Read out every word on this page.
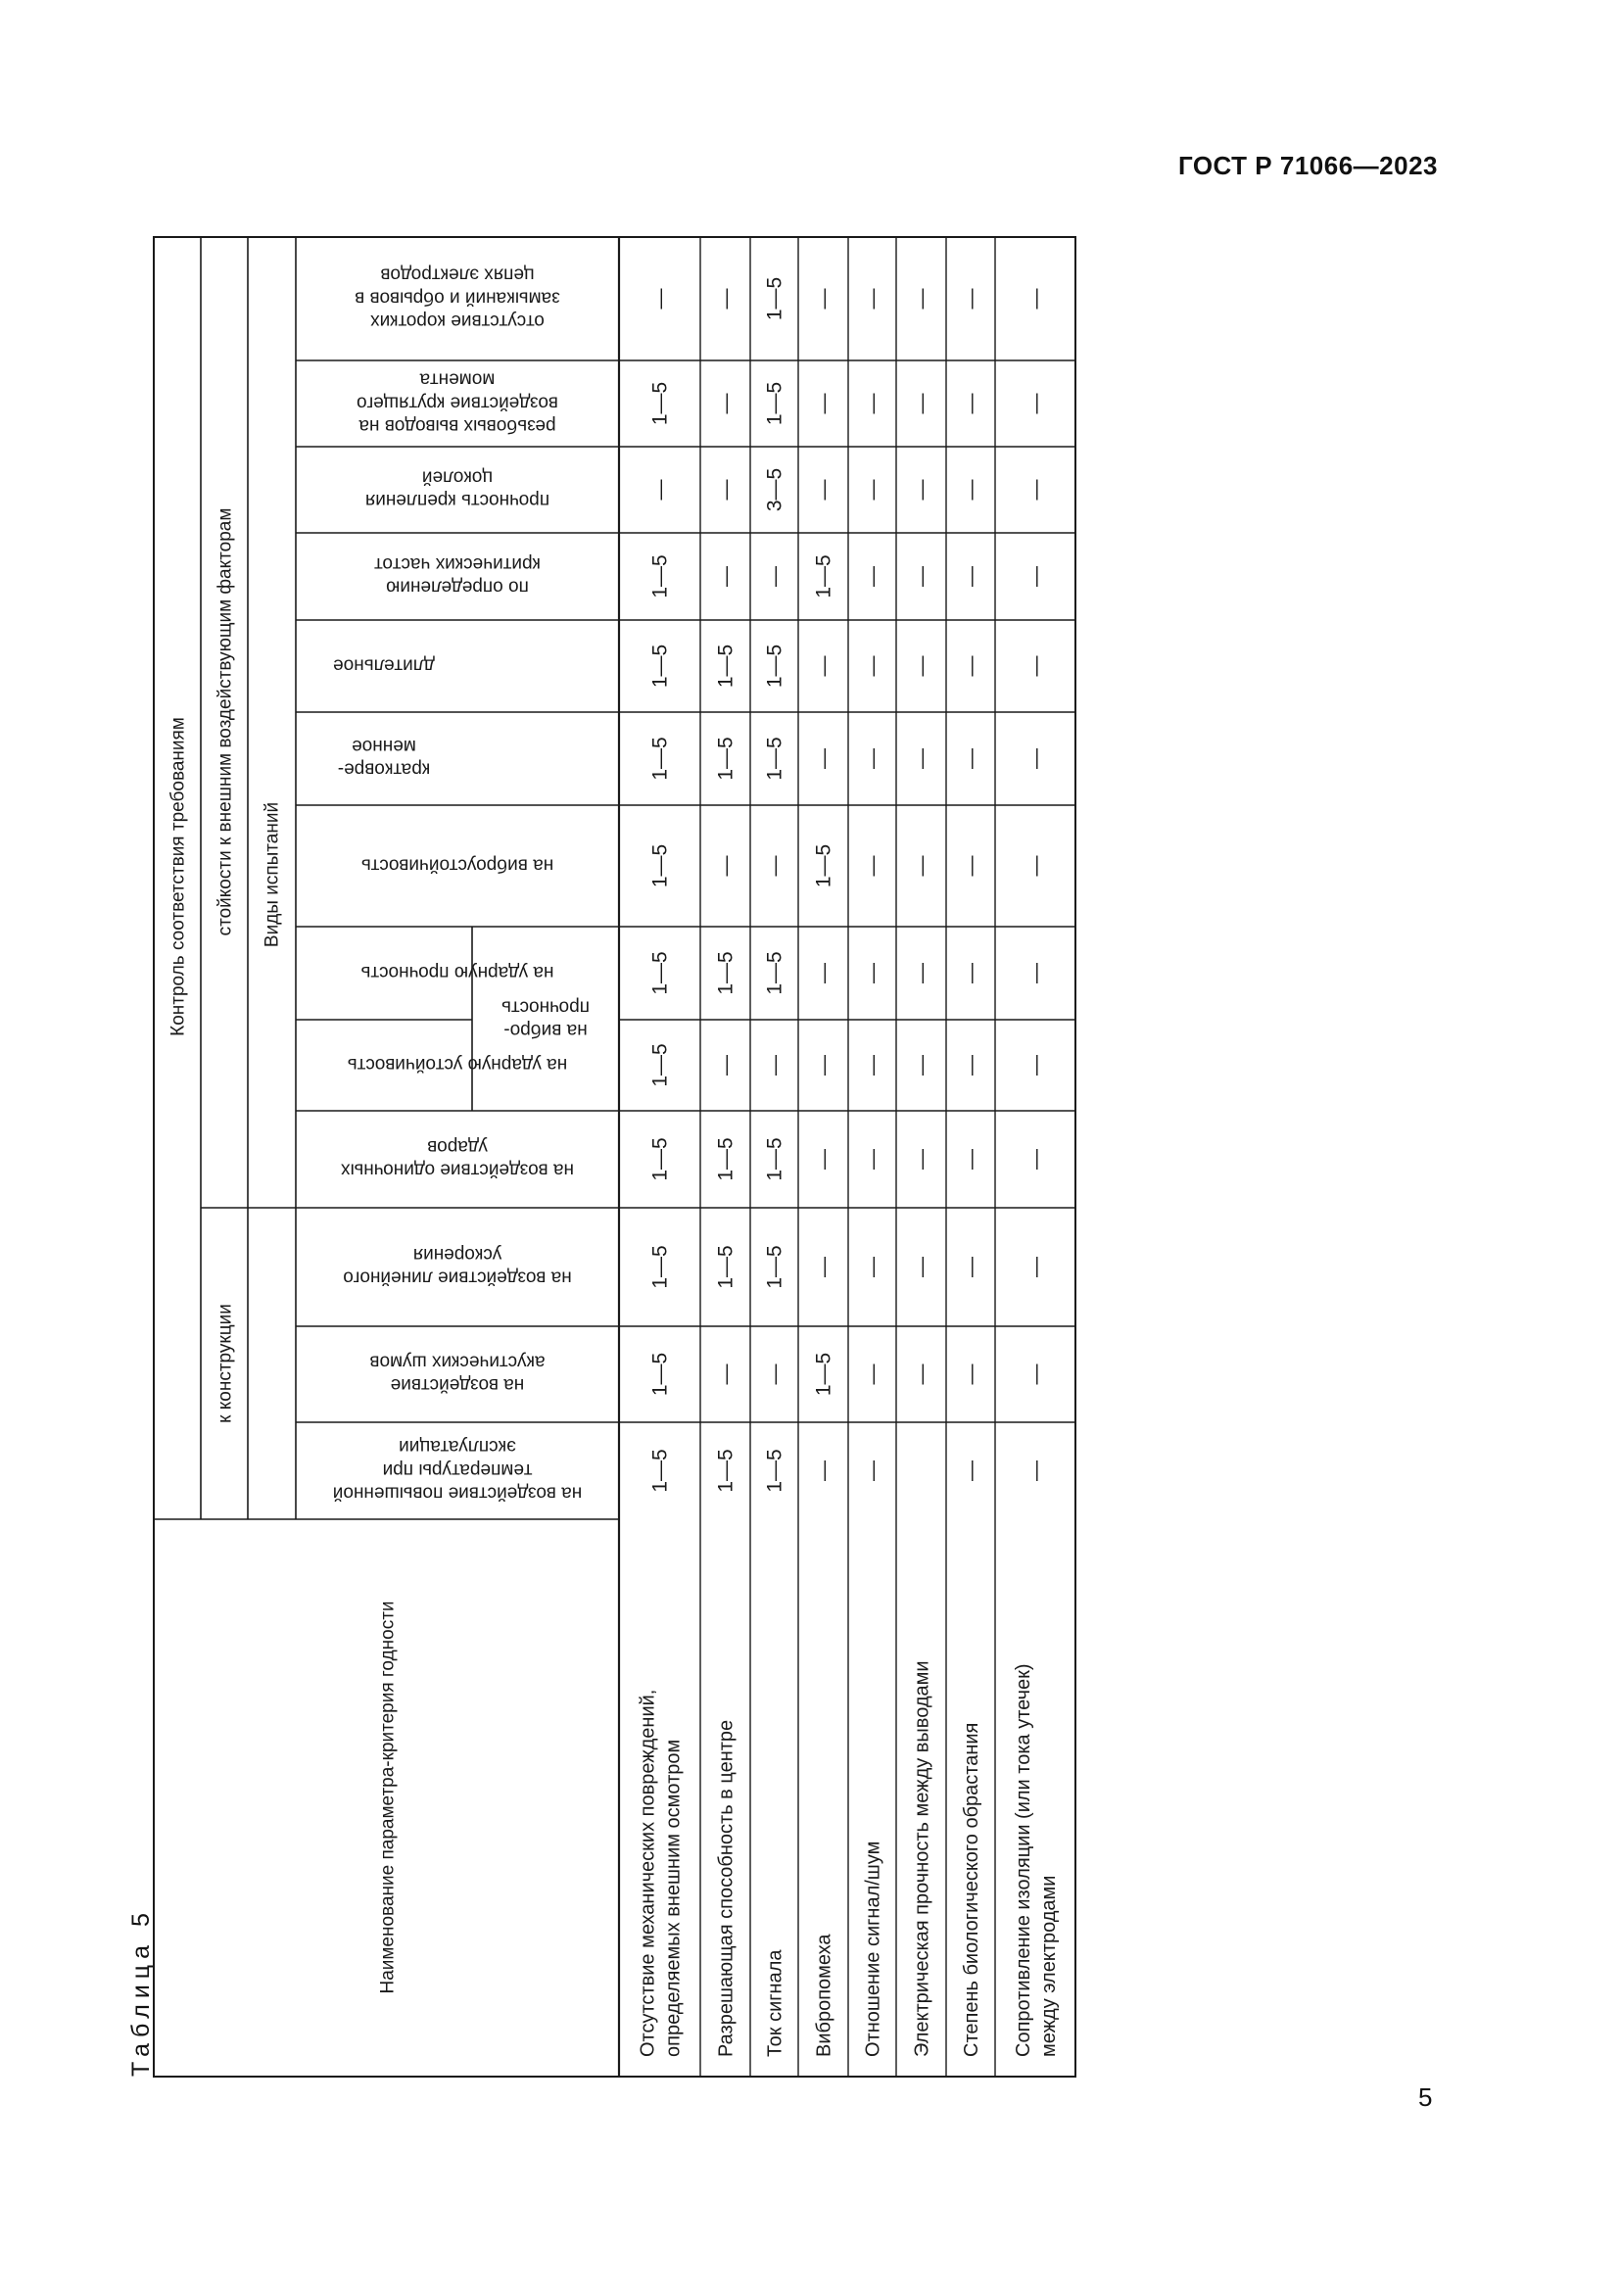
ГОСТ Р 71066—2023
Таблица 5
5
Наименование параметра-критерия годности
Контроль соответствия требованиям
к конструкции
стойкости к внешним воздействующим факторам Виды испытаний
отсутствие коротких
замыканий и обрывов в
цепях электродов
резьбовых выводов на
воздействие крутящего
момента
прочность крепления
цоколей
по определению
критических частот
длительное
кратковре-
менное
на виброустойчивость
на ударную прочность
на ударную устойчивость
на воздействие одиночных
ударов
на воздействие линейного
ускорения
на воздействие
акустических шумов
на воздействие повышенной
температуры при
эксплуатации
на вибро-
прочность
Отсутствие механических повреждений, определяемых внешним осмотром
—
1—5
—
1—5
1—5
1—5
1—5
1—5
1—5
1—5
1—5
1—5
1—5
Разрешающая способность в центре
—
—
—
—
1—5
1—5
—
1—5
—
1—5
1—5
—
1—5
Ток сигнала
1—5
1—5
3—5
—
1—5
1—5
—
1—5
—
1—5
1—5
—
1—5
Вибропомеха
—
—
—
1—5
—
—
1—5
—
—
—
—
1—5
—
Отношение сигнал/шум
—
—
—
—
—
—
—
—
—
—
—
—
—
Электрическая прочность между выводами
—
—
—
—
—
—
—
—
—
—
—
—
Степень биологического обрастания
—
—
—
—
—
—
—
—
—
—
—
—
—
Сопротивление изоляции (или тока утечек) между электродами
—
—
—
—
—
—
—
—
—
—
—
—
—
